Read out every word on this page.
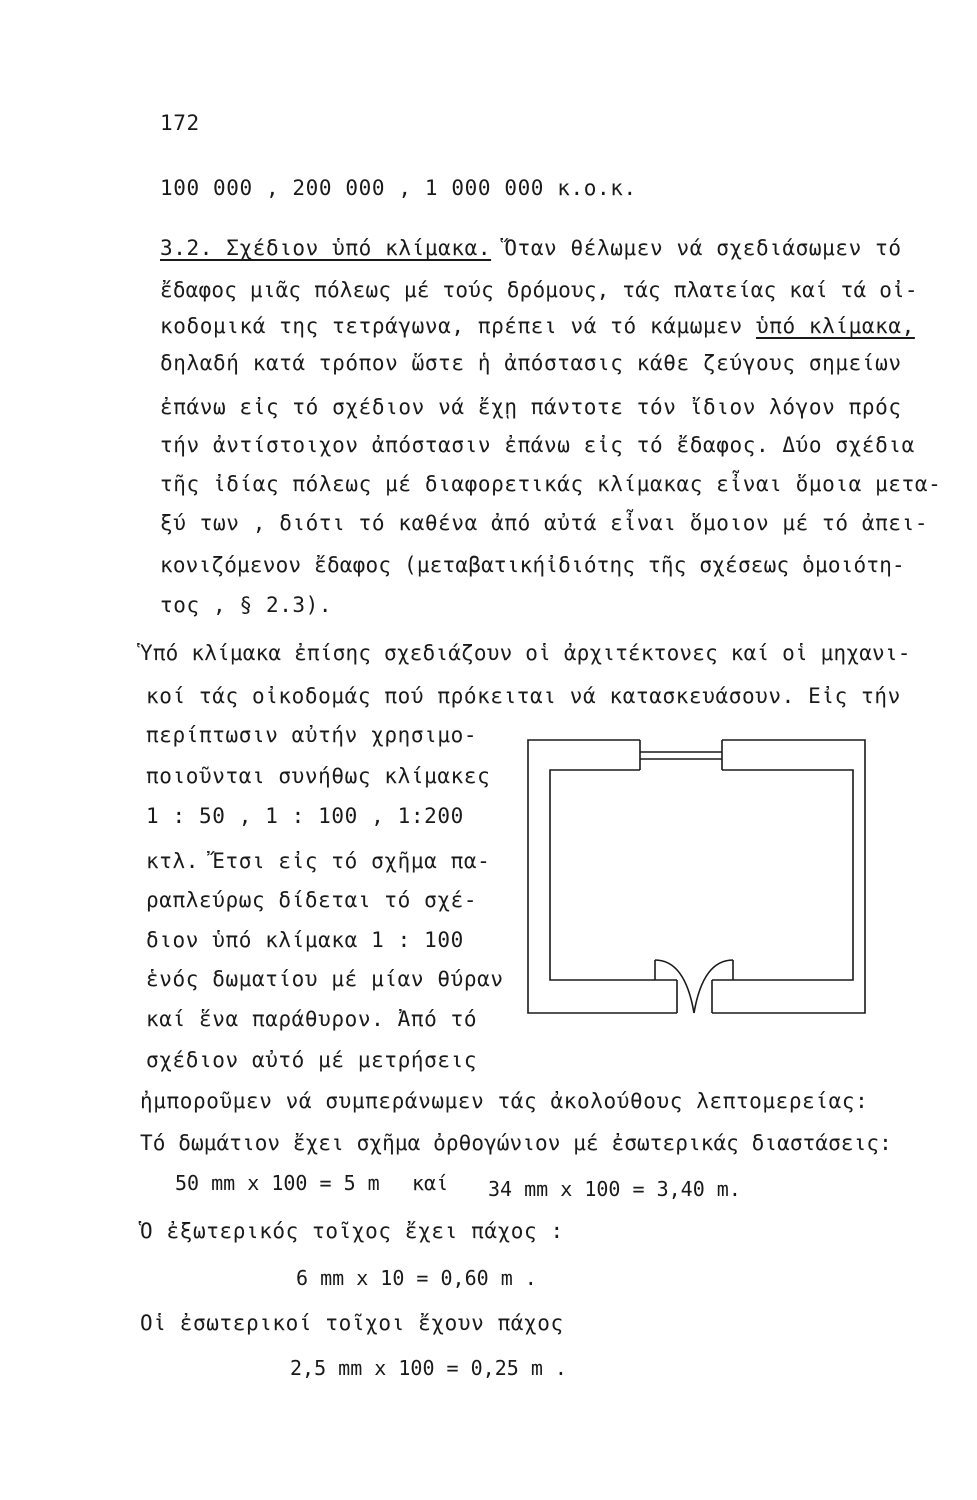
172
100 000 , 200 000 , 1 000 000 κ.ο.κ.
3.2. Σχέδιον ὑπό κλίμακα. Ὅταν θέλωμεν νά σχεδιάσωμεν τό
ἔδαφος μιᾶς πόλεως μέ τούς δρόμους, τάς πλατείας καί τά οἰ-
κοδομικά της τετράγωνα, πρέπει νά τό κάμωμεν ὑπό κλίμακα,
δηλαδή κατά τρόπον ὥστε ἡ ἀπόστασις κάθε ζεύγους σημείων
ἐπάνω εἰς τό σχέδιον νά ἔχῃ πάντοτε τόν ἴδιον λόγον πρός
τήν ἀντίστοιχον ἀπόστασιν ἐπάνω εἰς τό ἔδαφος. Δύο σχέδια
τῆς ἰδίας πόλεως μέ διαφορετικάς κλίμακας εἶναι ὅμοια μετα-
ξύ των , διότι τό καθένα ἀπό αὐτά εἶναι ὅμοιον μέ τό ἀπει-
κονιζόμενον ἔδαφος (μεταβατικήἰδιότης τῆς σχέσεως ὁμοιότη-
τος , § 2.3).
Ὑπό κλίμακα ἐπίσης σχεδιάζουν οἱ ἀρχιτέκτονες καί οἱ μηχανι-
κοί τάς οἰκοδομάς πού πρόκειται νά κατασκευάσουν. Εἰς τήν
περίπτωσιν αὐτήν χρησιμο-
ποιοῦνται συνήθως κλίμακες
1 : 50 , 1 : 100 , 1:200
κτλ. Ἔτσι εἰς τό σχῆμα πα-
ραπλεύρως δίδεται τό σχέ-
διον ὑπό κλίμακα 1 : 100
ἑνός δωματίου μέ μίαν θύραν
καί ἕνα παράθυρον. Ἀπό τό
σχέδιον αὐτό μέ μετρήσεις
ἠμποροῦμεν νά συμπεράνωμεν τάς ἀκολούθους λεπτομερείας:
Τό δωμάτιον ἔχει σχῆμα ὀρθογώνιον μέ ἐσωτερικάς διαστάσεις:
50 mm x 100 = 5 m καί 34 mm x 100 = 3,40 m.
Ὁ ἐξωτερικός τοῖχος ἔχει πάχος :
6 mm x 10 = 0,60 m .
Οἱ ἐσωτερικοί τοῖχοι ἔχουν πάχος
2,5 mm x 100 = 0,25 m .
